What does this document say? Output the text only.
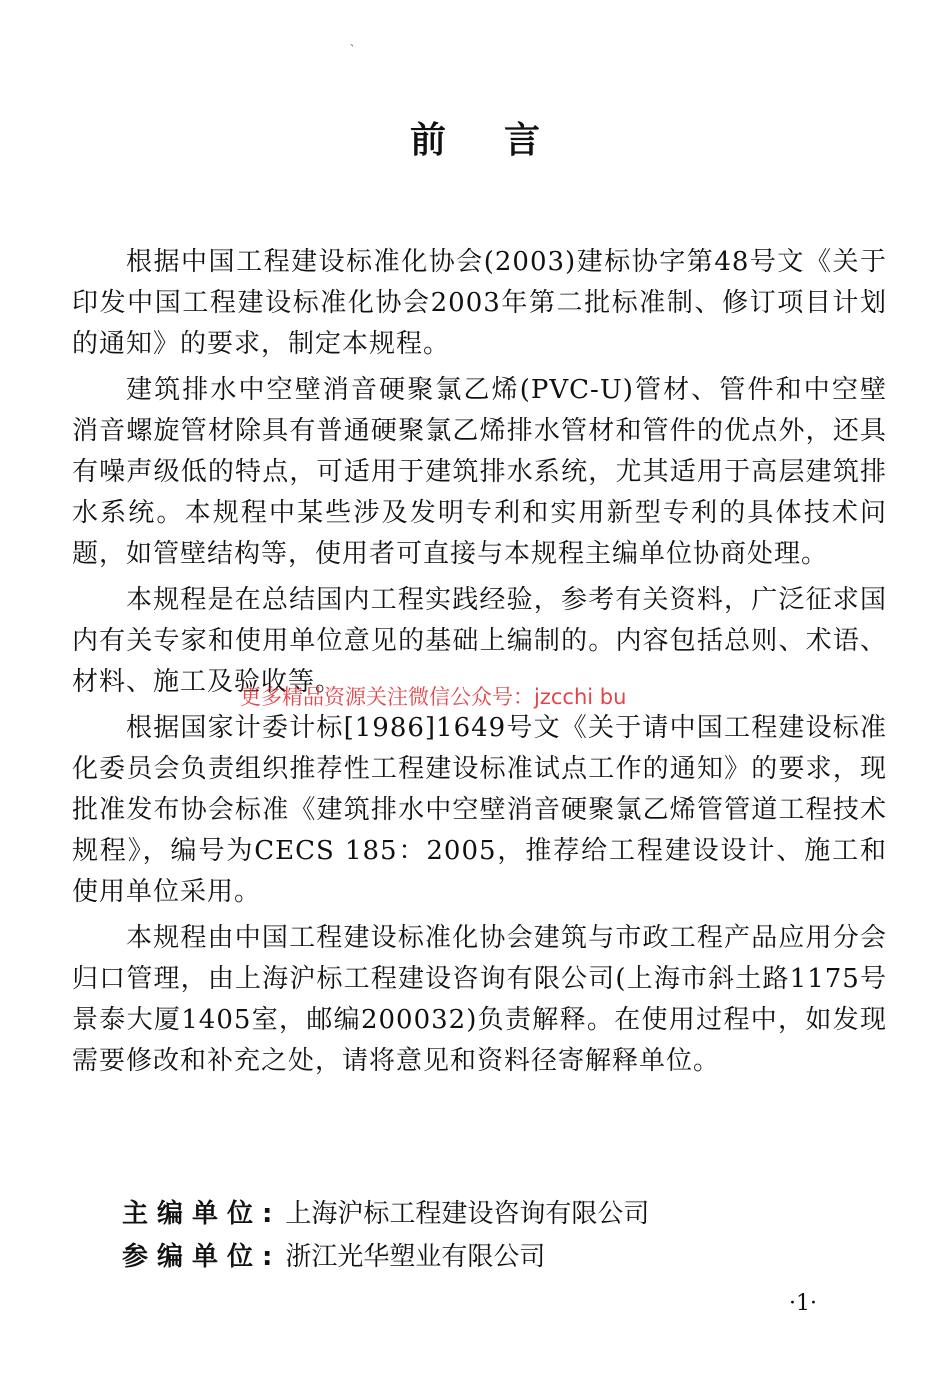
、
前言

根据中国工程建设标准化协会(2003)建标协字第48号文《关于印发中国工程建设标准化协会2003年第二批标准制、修订项目计划的通知》的要求，制定本规程。

建筑排水中空壁消音硬聚氯乙烯(PVC-U)管材、管件和中空壁消音螺旋管材除具有普通硬聚氯乙烯排水管材和管件的优点外，还具有噪声级低的特点，可适用于建筑排水系统，尤其适用于高层建筑排水系统。本规程中某些涉及发明专利和实用新型专利的具体技术问题，如管壁结构等，使用者可直接与本规程主编单位协商处理。

本规程是在总结国内工程实践经验，参考有关资料，广泛征求国内有关专家和使用单位意见的基础上编制的。内容包括总则、术语、材料、施工及验收等。

根据国家计委计标[1986]1649号文《关于请中国工程建设标准化委员会负责组织推荐性工程建设标准试点工作的通知》的要求，现批准发布协会标准《建筑排水中空壁消音硬聚氯乙烯管管道工程技术规程》，编号为CECS 185：2005，推荐给工程建设设计、施工和使用单位采用。

本规程由中国工程建设标准化协会建筑与市政工程产品应用分会归口管理，由上海沪标工程建设咨询有限公司(上海市斜土路1175号景泰大厦1405室，邮编200032)负责解释。在使用过程中，如发现需要修改和补充之处，请将意见和资料径寄解释单位。

更多精品资源关注微信公众号：jzcchi bu
主编单位: 上海沪标工程建设咨询有限公司
参编单位: 浙江光华塑业有限公司
·1·
